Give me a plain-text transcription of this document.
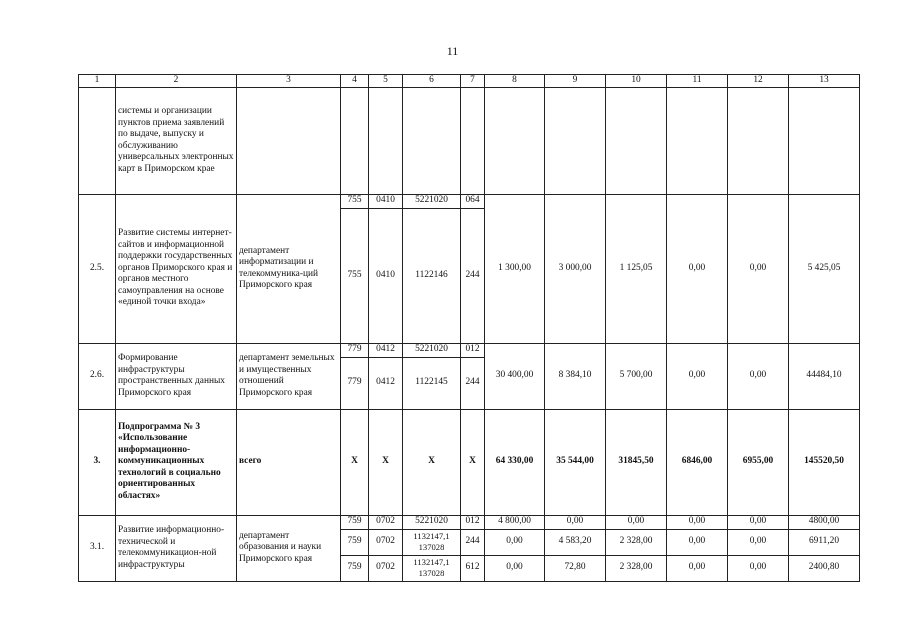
11
1	2	3	4	5	6	7	8	9	10	11	12	13
	системы и организации пунктов приема заявлений по выдаче, выпуску и обслуживанию универсальных электронных карт в Приморском крае											
2.5.	Развитие системы интернет-сайтов и информационной поддержки государственных органов Приморского края и органов местного самоуправления на основе «единой точки входа»	департамент информатизации и телекоммуника-ций Приморского края	755	0410	5221020	064	1 300,00	3 000,00	1 125,05	0,00	0,00	5 425,05
			755	0410	1122146	244						
2.6.	Формирование инфраструктуры пространственных данных Приморского края	департамент земельных и имущественных отношений Приморского края	779	0412	5221020	012	30 400,00	8 384,10	5 700,00	0,00	0,00	44484,10
			779	0412	1122145	244						
3.	Подпрограмма № 3 «Использование информационно-коммуникационных технологий в социально ориентированных областях»	всего	Х	Х	Х	Х	64 330,00	35 544,00	31845,50	6846,00	6955,00	145520,50
3.1.	Развитие информационно-технической и телекоммуникацион-ной инфраструктуры	департамент образования и науки Приморского края	759	0702	5221020	012	4 800,00	0,00	0,00	0,00	0,00	4800,00
			759	0702	1132147,1 137028	244	0,00	4 583,20	2 328,00	0,00	0,00	6911,20
			759	0702	1132147,1 137028	612	0,00	72,80	2 328,00	0,00	0,00	2400,80
